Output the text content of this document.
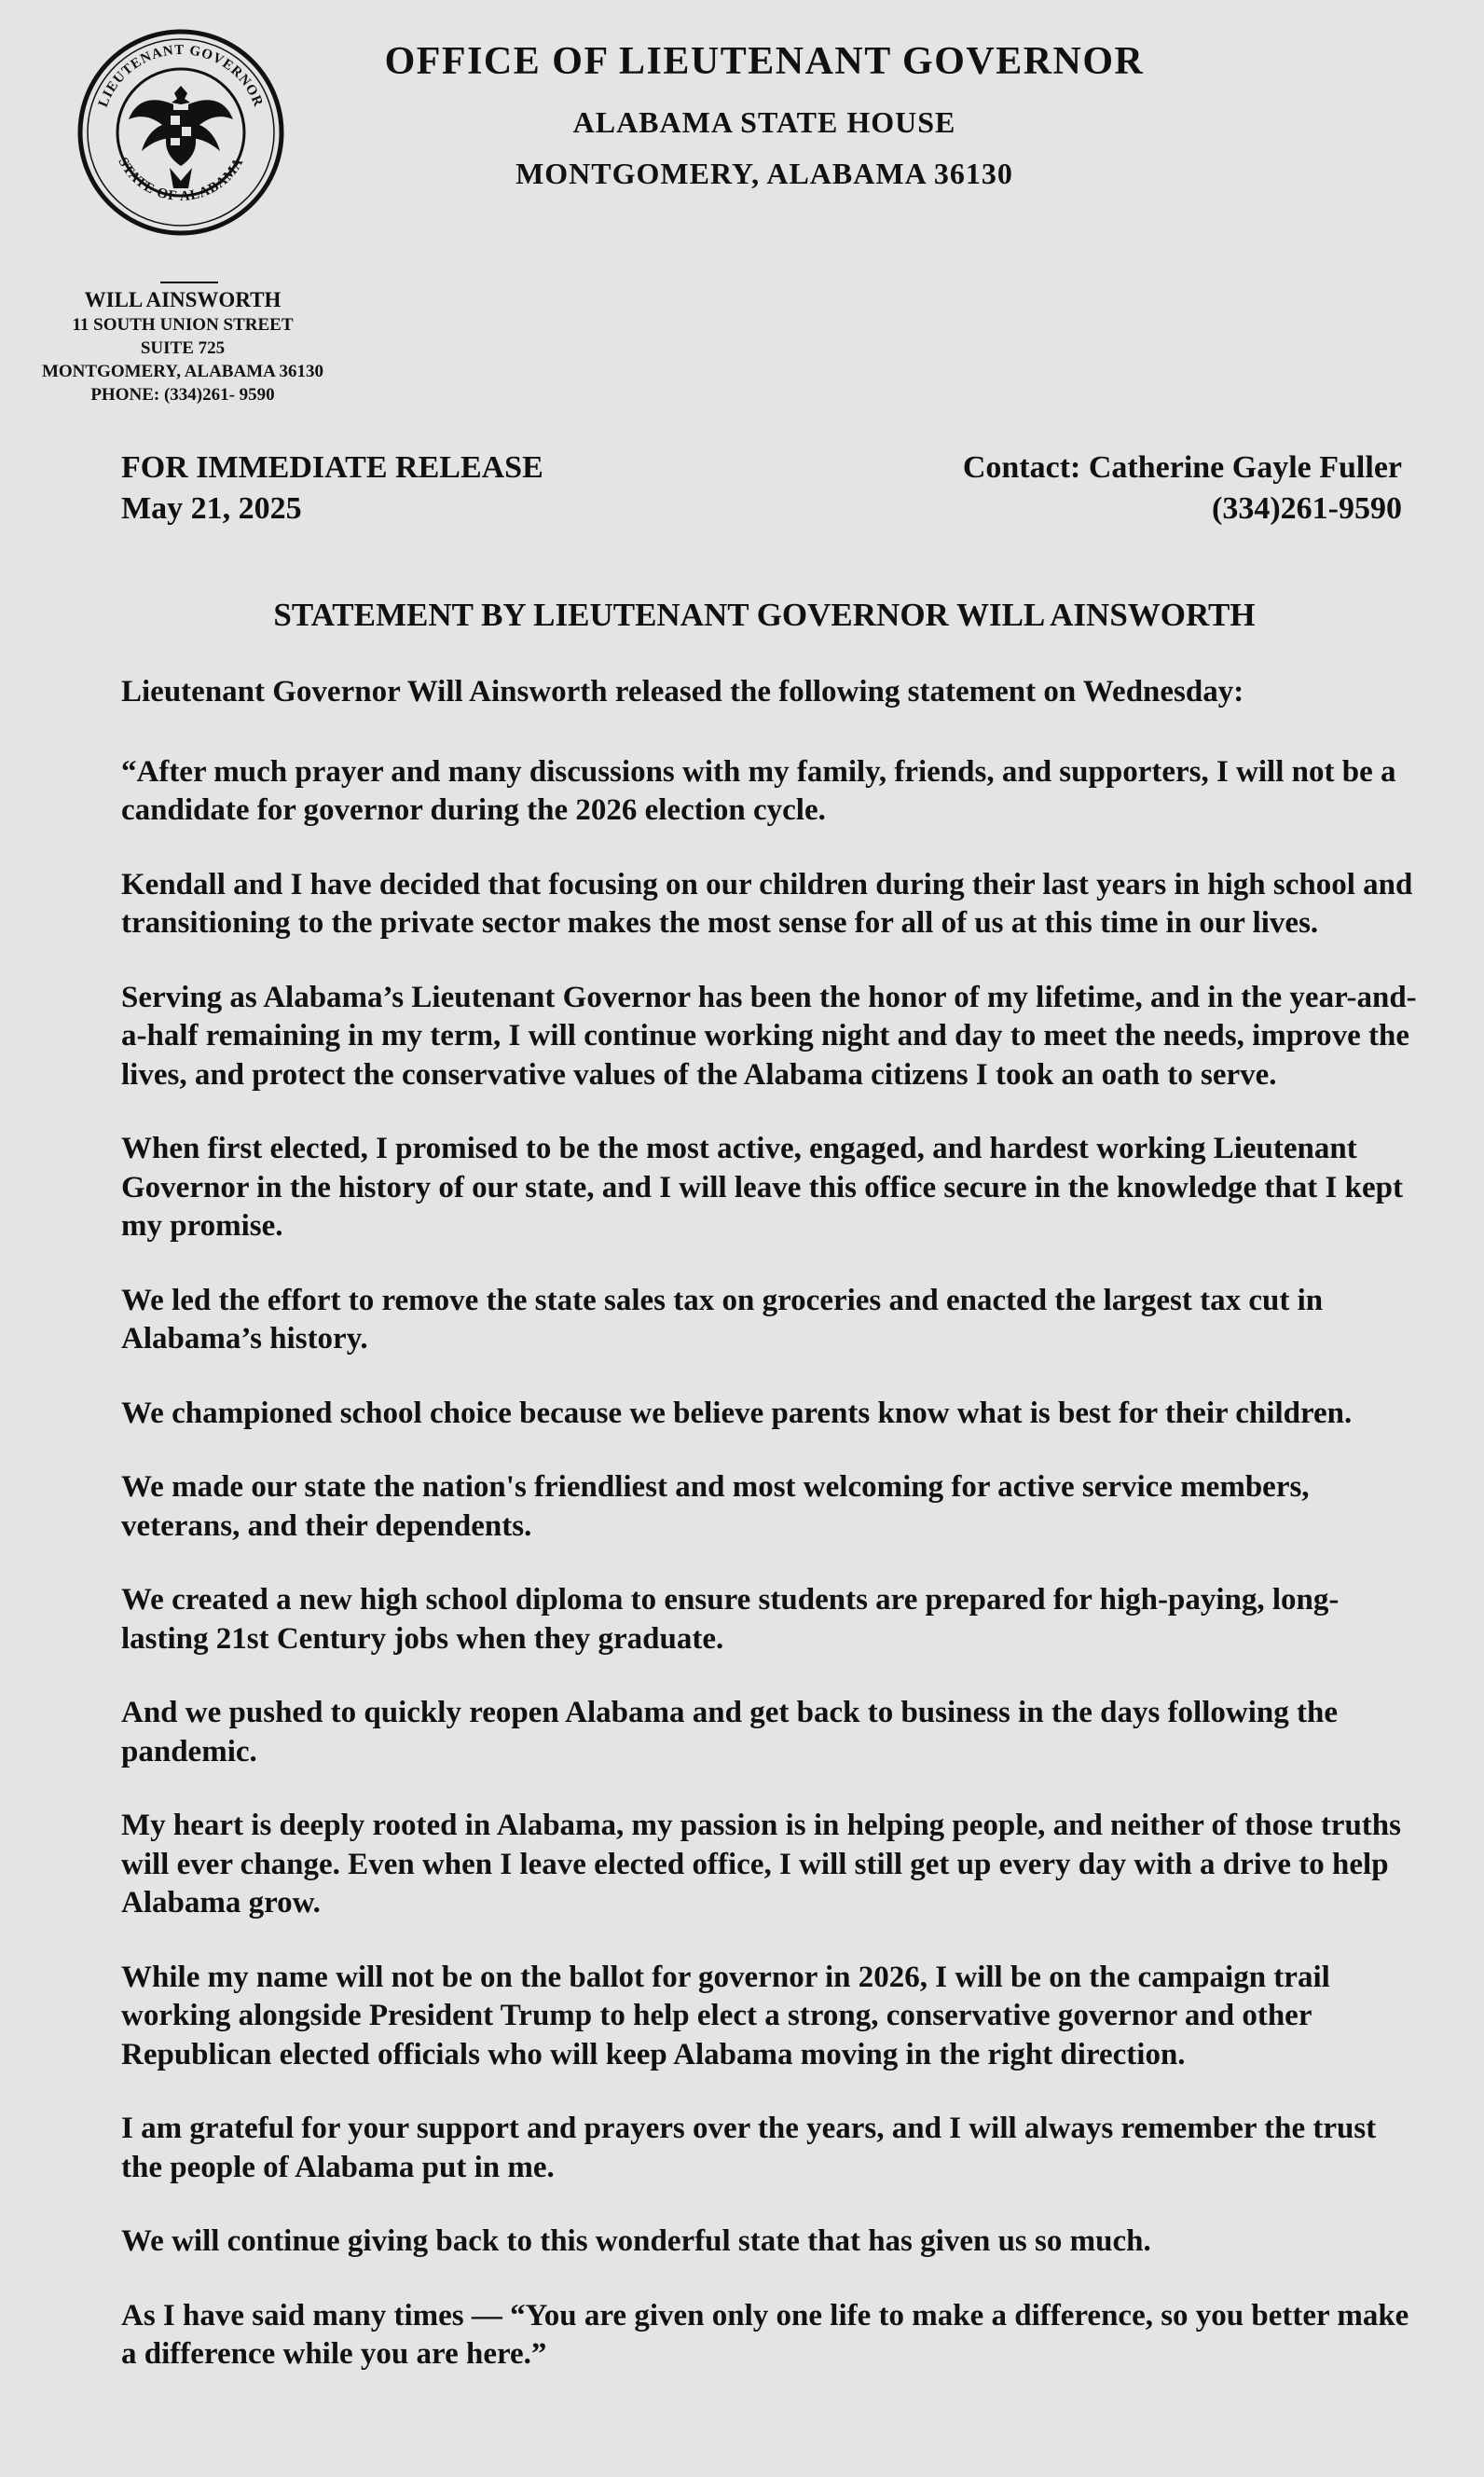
LIEUTENANT GOVERNOR
STATE OF ALABAMA
OFFICE OF LIEUTENANT GOVERNOR
ALABAMA STATE HOUSE
MONTGOMERY, ALABAMA 36130
WILL AINSWORTH
11 SOUTH UNION STREET
SUITE 725
MONTGOMERY, ALABAMA 36130
PHONE: (334)261- 9590
FOR IMMEDIATE RELEASE
May 21, 2025
Contact: Catherine Gayle Fuller
(334)261-9590
STATEMENT BY LIEUTENANT GOVERNOR WILL AINSWORTH

Lieutenant Governor Will Ainsworth released the following statement on Wednesday:

“After much prayer and many discussions with my family, friends, and supporters, I will not be a candidate for governor during the 2026 election cycle.

Kendall and I have decided that focusing on our children during their last years in high school and transitioning to the private sector makes the most sense for all of us at this time in our lives.

Serving as Alabama’s Lieutenant Governor has been the honor of my lifetime, and in the year-and-a-half remaining in my term, I will continue working night and day to meet the needs, improve the lives, and protect the conservative values of the Alabama citizens I took an oath to serve.

When first elected, I promised to be the most active, engaged, and hardest working Lieutenant Governor in the history of our state, and I will leave this office secure in the knowledge that I kept my promise.

We led the effort to remove the state sales tax on groceries and enacted the largest tax cut in Alabama’s history.

We championed school choice because we believe parents know what is best for their children.

We made our state the nation's friendliest and most welcoming for active service members, veterans, and their dependents.

We created a new high school diploma to ensure students are prepared for high-paying, long-lasting 21st Century jobs when they graduate.

And we pushed to quickly reopen Alabama and get back to business in the days following the pandemic.

My heart is deeply rooted in Alabama, my passion is in helping people, and neither of those truths will ever change. Even when I leave elected office, I will still get up every day with a drive to help Alabama grow.

While my name will not be on the ballot for governor in 2026, I will be on the campaign trail working alongside President Trump to help elect a strong, conservative governor and other Republican elected officials who will keep Alabama moving in the right direction.

I am grateful for your support and prayers over the years, and I will always remember the trust the people of Alabama put in me.

We will continue giving back to this wonderful state that has given us so much.

As I have said many times — “You are given only one life to make a difference, so you better make a difference while you are here.”
